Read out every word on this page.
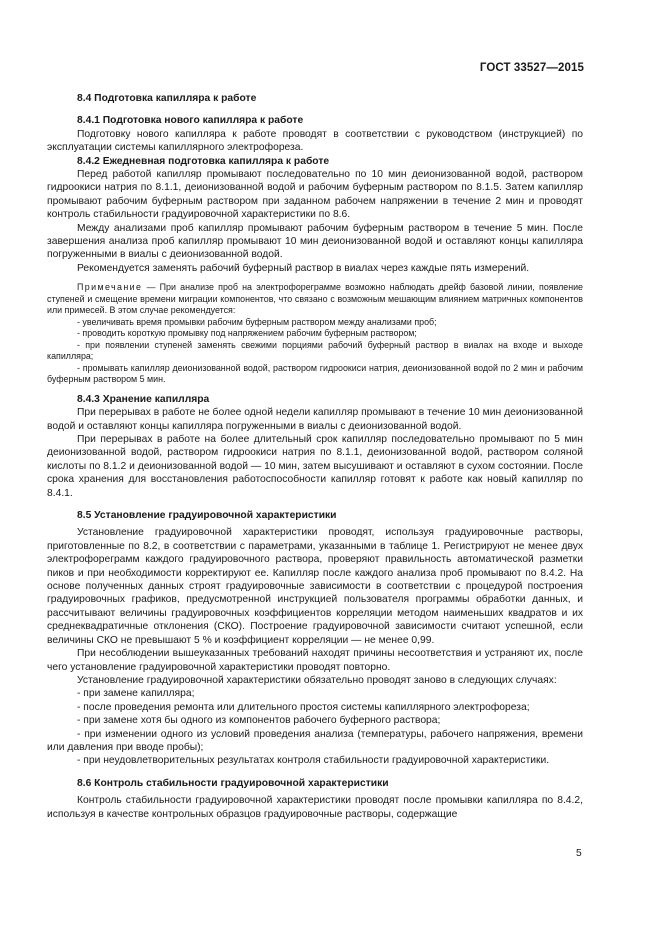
ГОСТ 33527—2015

8.4 Подготовка капилляра к работе

8.4.1 Подготовка нового капилляра к работе

Подготовку нового капилляра к работе проводят в соответствии с руководством (инструкцией) по эксплуатации системы капиллярного электрофореза.

8.4.2 Ежедневная подготовка капилляра к работе

Перед работой капилляр промывают последовательно по 10 мин деионизованной водой, раствором гидроокиси натрия по 8.1.1, деионизованной водой и рабочим буферным раствором по 8.1.5. Затем капилляр промывают рабочим буферным раствором при заданном рабочем напряжении в течение 2 мин и проводят контроль стабильности градуировочной характеристики по 8.6.

Между анализами проб капилляр промывают рабочим буферным раствором в течение 5 мин. После завершения анализа проб капилляр промывают 10 мин деионизованной водой и оставляют концы капилляра погруженными в виалы с деионизованной водой.

Рекомендуется заменять рабочий буферный раствор в виалах через каждые пять измерений.

Примечание — При анализе проб на электрофореграмме возможно наблюдать дрейф базовой линии, появление ступеней и смещение времени миграции компонентов, что связано с возможным мешающим влиянием матричных компонентов или примесей. В этом случае рекомендуется:

- увеличивать время промывки рабочим буферным раствором между анализами проб;

- проводить короткую промывку под напряжением рабочим буферным раствором;

- при появлении ступеней заменять свежими порциями рабочий буферный раствор в виалах на входе и выходе капилляра;

- промывать капилляр деионизованной водой, раствором гидроокиси натрия, деионизованной водой по 2 мин и рабочим буферным раствором 5 мин.

8.4.3 Хранение капилляра

При перерывах в работе не более одной недели капилляр промывают в течение 10 мин деионизованной водой и оставляют концы капилляра погруженными в виалы с деионизованной водой.

При перерывах в работе на более длительный срок капилляр последовательно промывают по 5 мин деионизованной водой, раствором гидроокиси натрия по 8.1.1, деионизованной водой, раствором соляной кислоты по 8.1.2 и деионизованной водой — 10 мин, затем высушивают и оставляют в сухом состоянии. После срока хранения для восстановления работоспособности капилляр готовят к работе как новый капилляр по 8.4.1.

8.5 Установление градуировочной характеристики

Установление градуировочной характеристики проводят, используя градуировочные растворы, приготовленные по 8.2, в соответствии с параметрами, указанными в таблице 1. Регистрируют не менее двух электрофореграмм каждого градуировочного раствора, проверяют правильность автоматической разметки пиков и при необходимости корректируют ее. Капилляр после каждого анализа проб промывают по 8.4.2. На основе полученных данных строят градуировочные зависимости в соответствии с процедурой построения градуировочных графиков, предусмотренной инструкцией пользователя программы обработки данных, и рассчитывают величины градуировочных коэффициентов корреляции методом наименьших квадратов и их среднеквадратичные отклонения (СКО). Построение градуировочной зависимости считают успешной, если величины СКО не превышают 5 % и коэффициент корреляции — не менее 0,99.

При несоблюдении вышеуказанных требований находят причины несоответствия и устраняют их, после чего установление градуировочной характеристики проводят повторно.

Установление градуировочной характеристики обязательно проводят заново в следующих случаях:

- при замене капилляра;

- после проведения ремонта или длительного простоя системы капиллярного электрофореза;

- при замене хотя бы одного из компонентов рабочего буферного раствора;

- при изменении одного из условий проведения анализа (температуры, рабочего напряжения, времени или давления при вводе пробы);

- при неудовлетворительных результатах контроля стабильности градуировочной характеристики.

8.6 Контроль стабильности градуировочной характеристики

Контроль стабильности градуировочной характеристики проводят после промывки капилляра по 8.4.2, используя в качестве контрольных образцов градуировочные растворы, содержащие

5
